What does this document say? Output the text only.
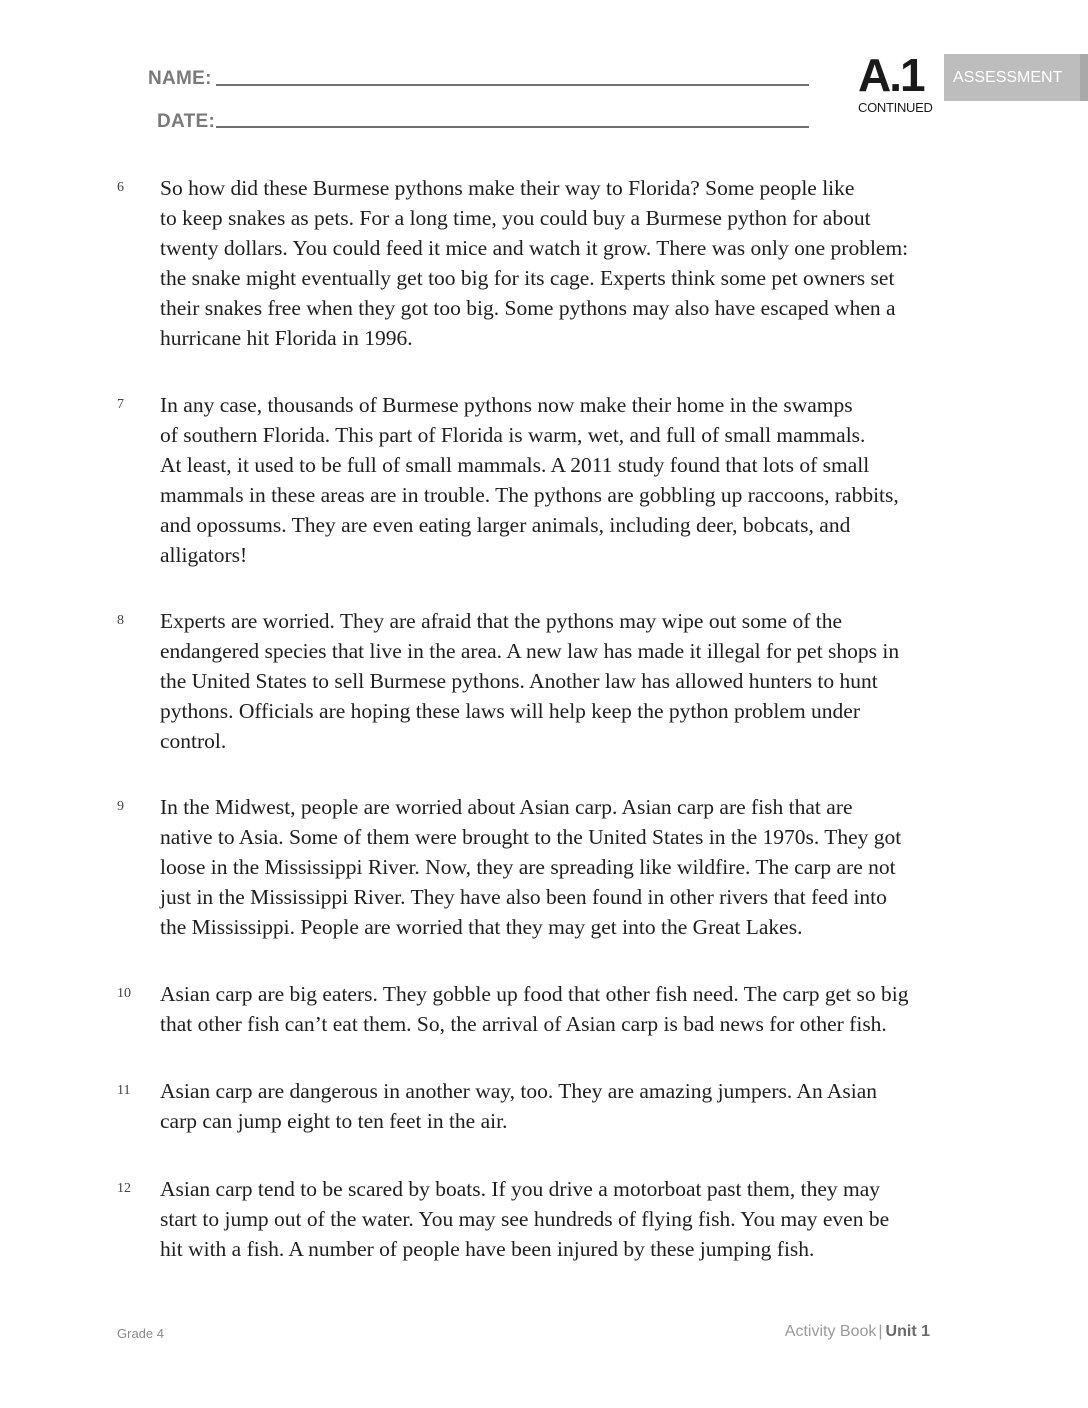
NAME:
DATE:
A.1
CONTINUED
ASSESSMENT
6 So how did these Burmese pythons make their way to Florida? Some people like
to keep snakes as pets. For a long time, you could buy a Burmese python for about
twenty dollars. You could feed it mice and watch it grow. There was only one problem:
the snake might eventually get too big for its cage. Experts think some pet owners set
their snakes free when they got too big. Some pythons may also have escaped when a
hurricane hit Florida in 1996.

7 In any case, thousands of Burmese pythons now make their home in the swamps
of southern Florida. This part of Florida is warm, wet, and full of small mammals.
At least, it used to be full of small mammals. A 2011 study found that lots of small
mammals in these areas are in trouble. The pythons are gobbling up raccoons, rabbits,
and opossums. They are even eating larger animals, including deer, bobcats, and
alligators!

8 Experts are worried. They are afraid that the pythons may wipe out some of the
endangered species that live in the area. A new law has made it illegal for pet shops in
the United States to sell Burmese pythons. Another law has allowed hunters to hunt
pythons. Officials are hoping these laws will help keep the python problem under
control.

9 In the Midwest, people are worried about Asian carp. Asian carp are fish that are
native to Asia. Some of them were brought to the United States in the 1970s. They got
loose in the Mississippi River. Now, they are spreading like wildfire. The carp are not
just in the Mississippi River. They have also been found in other rivers that feed into
the Mississippi. People are worried that they may get into the Great Lakes.

10 Asian carp are big eaters. They gobble up food that other fish need. The carp get so big
that other fish can’t eat them. So, the arrival of Asian carp is bad news for other fish.

11 Asian carp are dangerous in another way, too. They are amazing jumpers. An Asian
carp can jump eight to ten feet in the air.

12 Asian carp tend to be scared by boats. If you drive a motorboat past them, they may
start to jump out of the water. You may see hundreds of flying fish. You may even be
hit with a fish. A number of people have been injured by these jumping fish.

Grade 4	Activity Book | Unit 1
